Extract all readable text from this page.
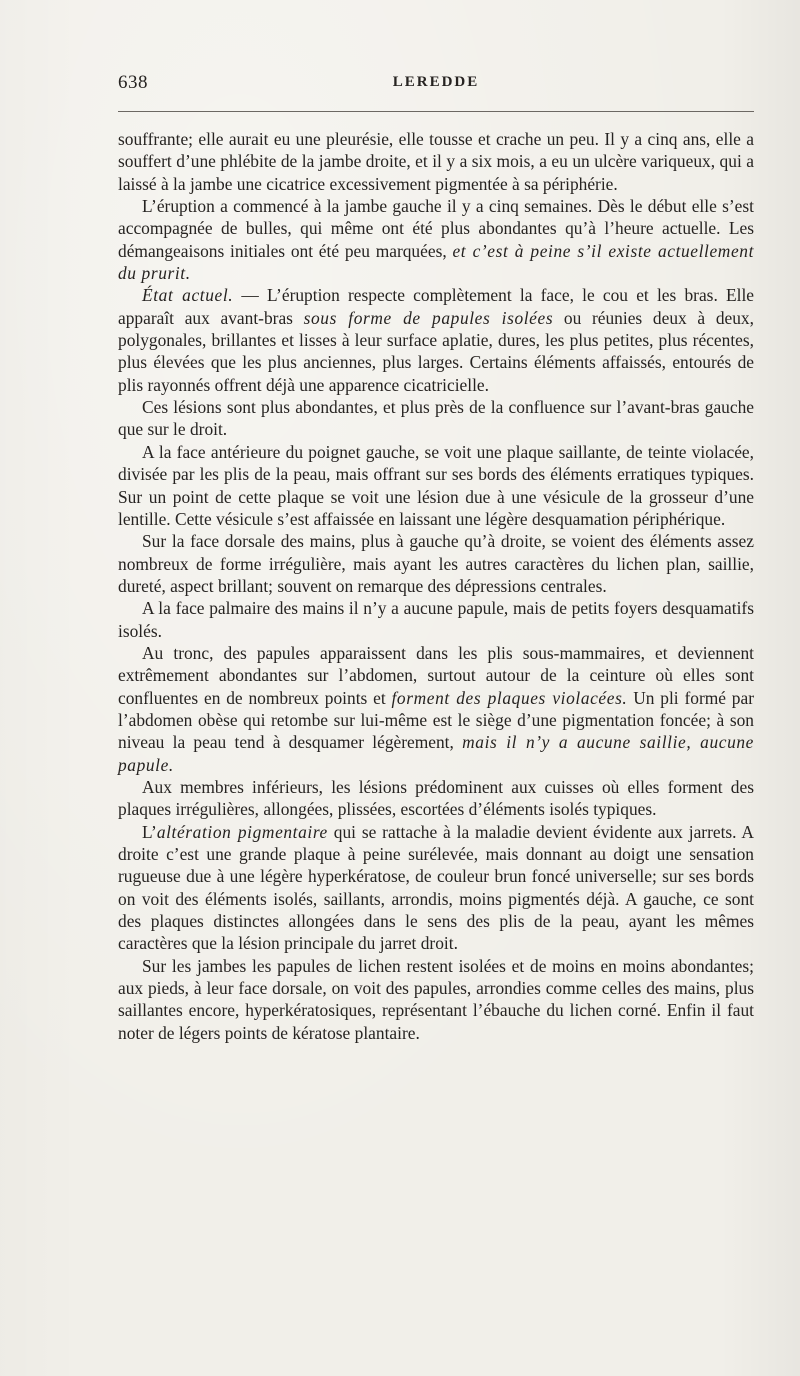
638	LEREDDE

souffrante; elle aurait eu une pleurésie, elle tousse et crache un peu. Il y a cinq ans, elle a souffert d’une phlébite de la jambe droite, et il y a six mois, a eu un ulcère variqueux, qui a laissé à la jambe une cicatrice excessivement pigmentée à sa périphérie.

L’éruption a commencé à la jambe gauche il y a cinq semaines. Dès le début elle s’est accompagnée de bulles, qui même ont été plus abondantes qu’à l’heure actuelle. Les démangeaisons initiales ont été peu marquées, et c’est à peine s’il existe actuellement du prurit.

État actuel. — L’éruption respecte complètement la face, le cou et les bras. Elle apparaît aux avant-bras sous forme de papules isolées ou réunies deux à deux, polygonales, brillantes et lisses à leur surface aplatie, dures, les plus petites, plus récentes, plus élevées que les plus anciennes, plus larges. Certains éléments affaissés, entourés de plis rayonnés offrent déjà une apparence cicatricielle.

Ces lésions sont plus abondantes, et plus près de la confluence sur l’avant-bras gauche que sur le droit.

A la face antérieure du poignet gauche, se voit une plaque saillante, de teinte violacée, divisée par les plis de la peau, mais offrant sur ses bords des éléments erratiques typiques. Sur un point de cette plaque se voit une lésion due à une vésicule de la grosseur d’une lentille. Cette vésicule s’est affaissée en laissant une légère desquamation périphérique.

Sur la face dorsale des mains, plus à gauche qu’à droite, se voient des éléments assez nombreux de forme irrégulière, mais ayant les autres caractères du lichen plan, saillie, dureté, aspect brillant; souvent on remarque des dépressions centrales.

A la face palmaire des mains il n’y a aucune papule, mais de petits foyers desquamatifs isolés.

Au tronc, des papules apparaissent dans les plis sous-mammaires, et deviennent extrêmement abondantes sur l’abdomen, surtout autour de la ceinture où elles sont confluentes en de nombreux points et forment des plaques violacées. Un pli formé par l’abdomen obèse qui retombe sur lui-même est le siège d’une pigmentation foncée; à son niveau la peau tend à desquamer légèrement, mais il n’y a aucune saillie, aucune papule.

Aux membres inférieurs, les lésions prédominent aux cuisses où elles forment des plaques irrégulières, allongées, plissées, escortées d’éléments isolés typiques.

L’altération pigmentaire qui se rattache à la maladie devient évidente aux jarrets. A droite c’est une grande plaque à peine surélevée, mais donnant au doigt une sensation rugueuse due à une légère hyperkératose, de couleur brun foncé universelle; sur ses bords on voit des éléments isolés, saillants, arrondis, moins pigmentés déjà. A gauche, ce sont des plaques distinctes allongées dans le sens des plis de la peau, ayant les mêmes caractères que la lésion principale du jarret droit.

Sur les jambes les papules de lichen restent isolées et de moins en moins abondantes; aux pieds, à leur face dorsale, on voit des papules, arrondies comme celles des mains, plus saillantes encore, hyperkératosiques, représentant l’ébauche du lichen corné. Enfin il faut noter de légers points de kératose plantaire.
